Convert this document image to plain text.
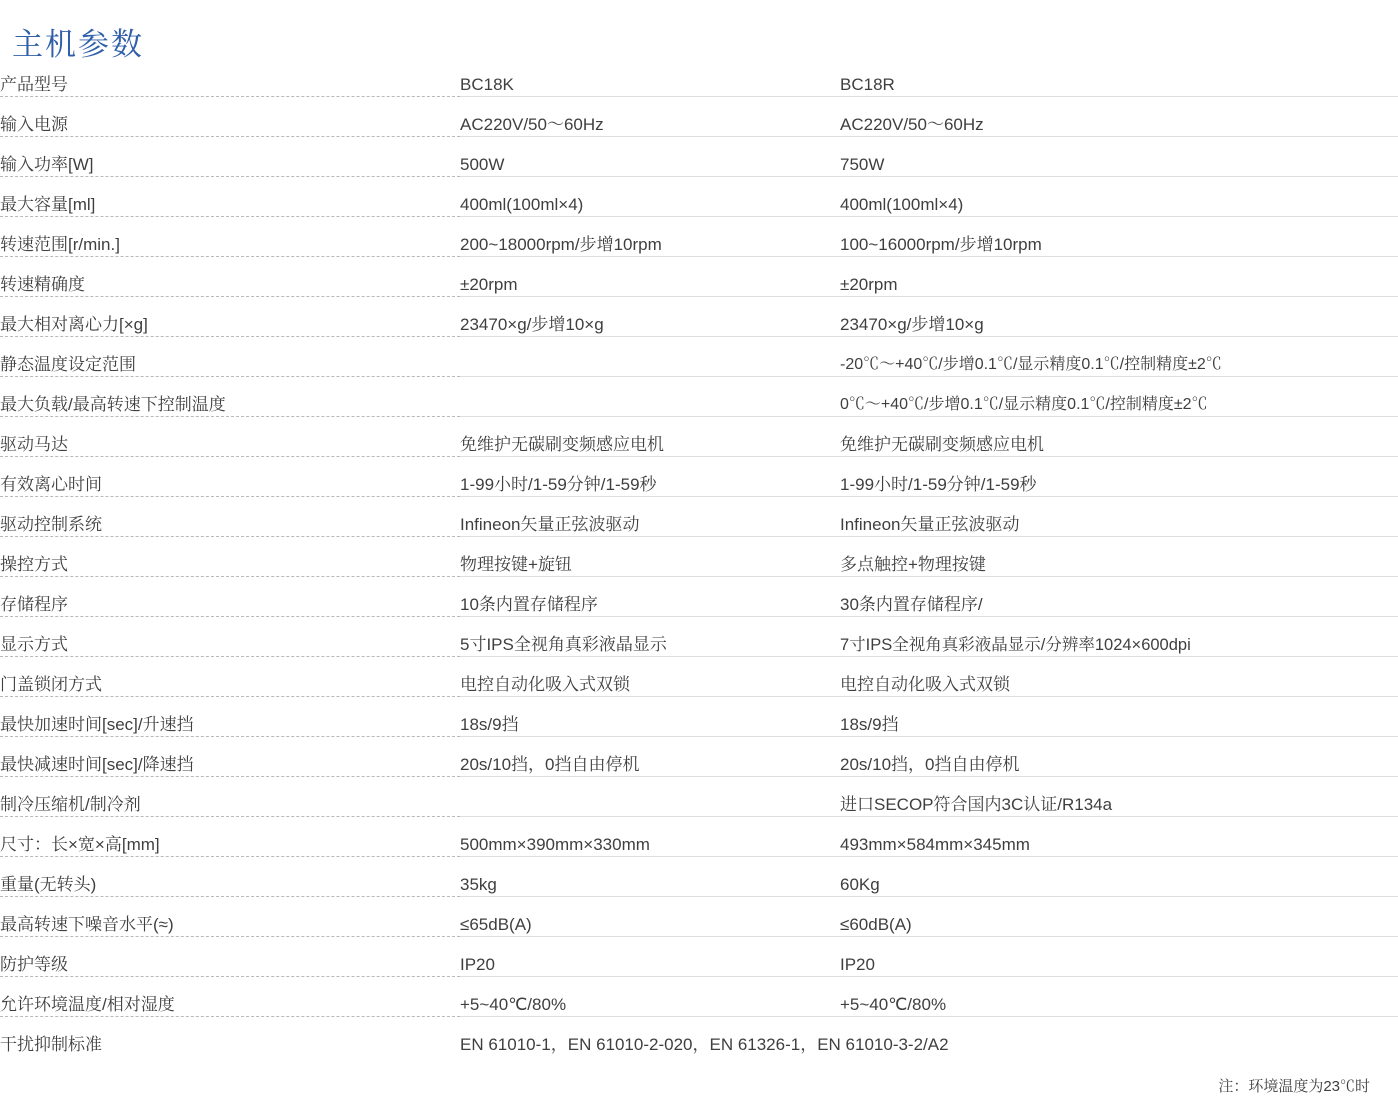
主机参数
产品型号	BC18K	BC18R
输入电源	AC220V/50～60Hz	AC220V/50～60Hz
输入功率[W]	500W	750W
最大容量[ml]	400ml(100ml×4)	400ml(100ml×4)
转速范围[r/min.]	200~18000rpm/步增10rpm	100~16000rpm/步增10rpm
转速精确度	±20rpm	±20rpm
最大相对离心力[×g]	23470×g/步增10×g	23470×g/步增10×g
静态温度设定范围		-20℃～+40℃/步增0.1℃/显示精度0.1℃/控制精度±2℃
最大负载/最高转速下控制温度		0℃～+40℃/步增0.1℃/显示精度0.1℃/控制精度±2℃
驱动马达	免维护无碳刷变频感应电机	免维护无碳刷变频感应电机
有效离心时间	1-99小时/1-59分钟/1-59秒	1-99小时/1-59分钟/1-59秒
驱动控制系统	Infineon矢量正弦波驱动	Infineon矢量正弦波驱动
操控方式	物理按键+旋钮	多点触控+物理按键
存储程序	10条内置存储程序	30条内置存储程序/
显示方式	5寸IPS全视角真彩液晶显示	7寸IPS全视角真彩液晶显示/分辨率1024×600dpi
门盖锁闭方式	电控自动化吸入式双锁	电控自动化吸入式双锁
最快加速时间[sec]/升速挡	18s/9挡	18s/9挡
最快减速时间[sec]/降速挡	20s/10挡，0挡自由停机	20s/10挡，0挡自由停机
制冷压缩机/制冷剂		进口SECOP符合国内3C认证/R134a
尺寸：长×宽×高[mm]	500mm×390mm×330mm	493mm×584mm×345mm
重量(无转头)	35kg	60Kg
最高转速下噪音水平(≈)	≤65dB(A)	≤60dB(A)
防护等级	IP20	IP20
允许环境温度/相对湿度	+5~40℃/80%	+5~40℃/80%
干扰抑制标准	EN 61010-1，EN 61010-2-020，EN 61326-1，EN 61010-3-2/A2	
注：环境温度为23℃时
